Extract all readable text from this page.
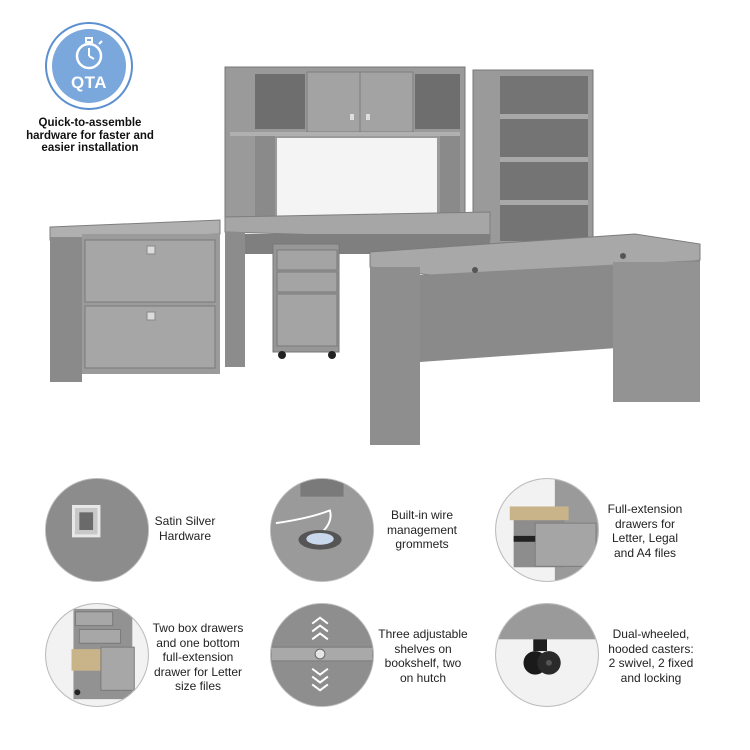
QTA
Quick-to-assemble hardware for faster and easier installation
Satin Silver
Hardware
Built-in wire
management
grommets
Full-extension
drawers for
Letter, Legal
and A4 files
Two box drawers
and one bottom
full-extension
drawer for Letter
size files
Three adjustable
shelves on
bookshelf, two
on hutch
Dual-wheeled,
hooded casters:
2 swivel, 2 fixed
and locking
